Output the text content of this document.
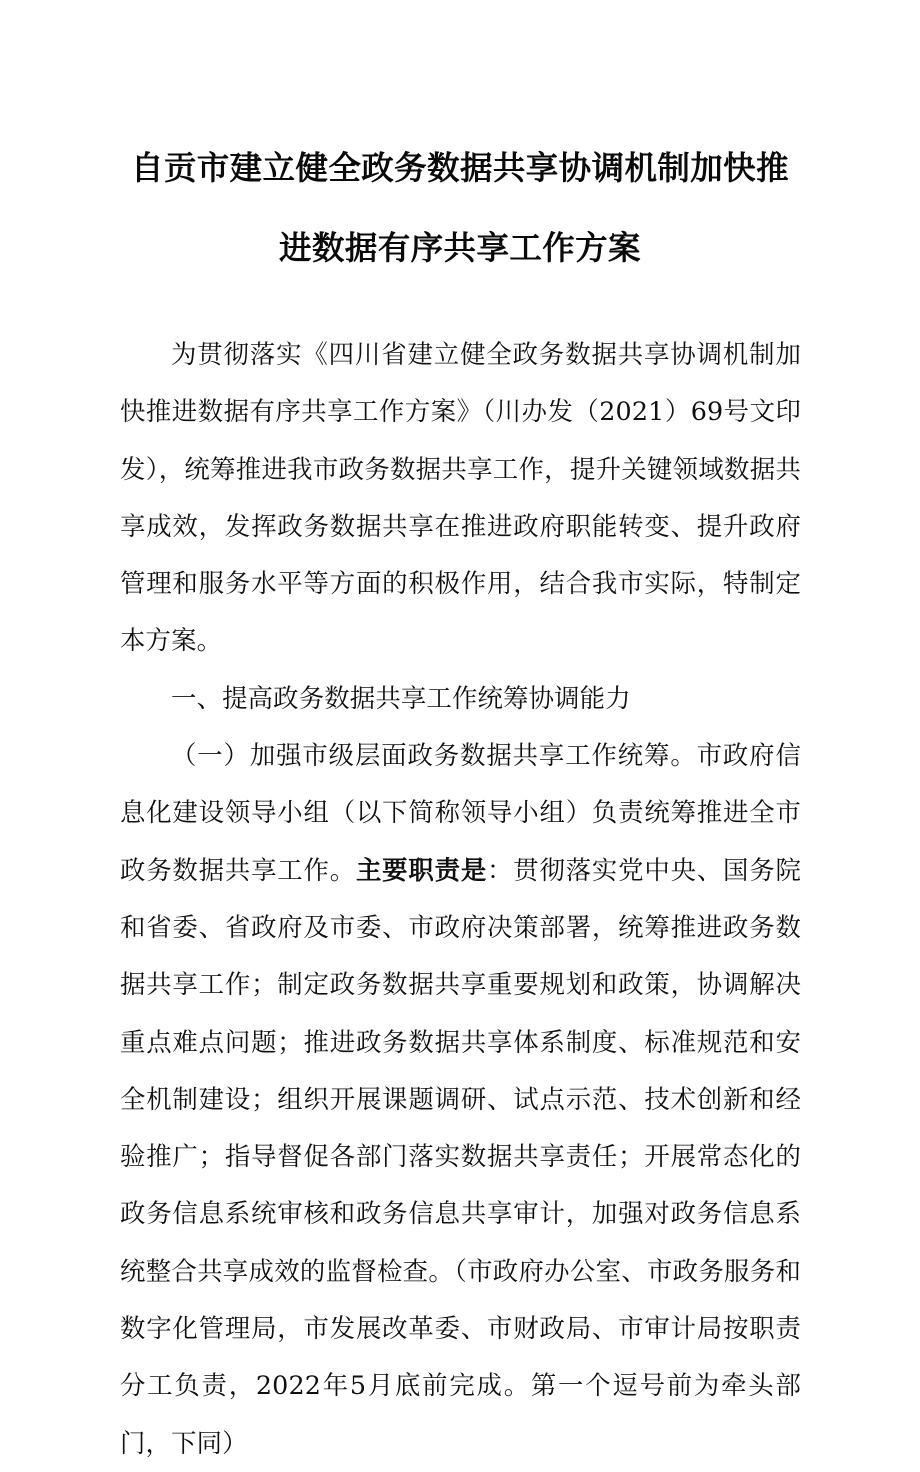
自贡市建立健全政务数据共享协调机制加快推
进数据有序共享工作方案

为贯彻落实《四川省建立健全政务数据共享协调机制加快推进数据有序共享工作方案》（川办发（2021）69号文印发），统筹推进我市政务数据共享工作，提升关键领域数据共享成效，发挥政务数据共享在推进政府职能转变、提升政府管理和服务水平等方面的积极作用，结合我市实际，特制定本方案。

一、提高政务数据共享工作统筹协调能力

（一）加强市级层面政务数据共享工作统筹。市政府信息化建设领导小组（以下简称领导小组）负责统筹推进全市政务数据共享工作。主要职责是：贯彻落实党中央、国务院和省委、省政府及市委、市政府决策部署，统筹推进政务数据共享工作；制定政务数据共享重要规划和政策，协调解决重点难点问题；推进政务数据共享体系制度、标准规范和安全机制建设；组织开展课题调研、试点示范、技术创新和经验推广；指导督促各部门落实数据共享责任；开展常态化的政务信息系统审核和政务信息共享审计，加强对政务信息系统整合共享成效的监督检查。（市政府办公室、市政务服务和数字化管理局，市发展改革委、市财政局、市审计局按职责分工负责，2022年5月底前完成。第一个逗号前为牵头部门，下同）
